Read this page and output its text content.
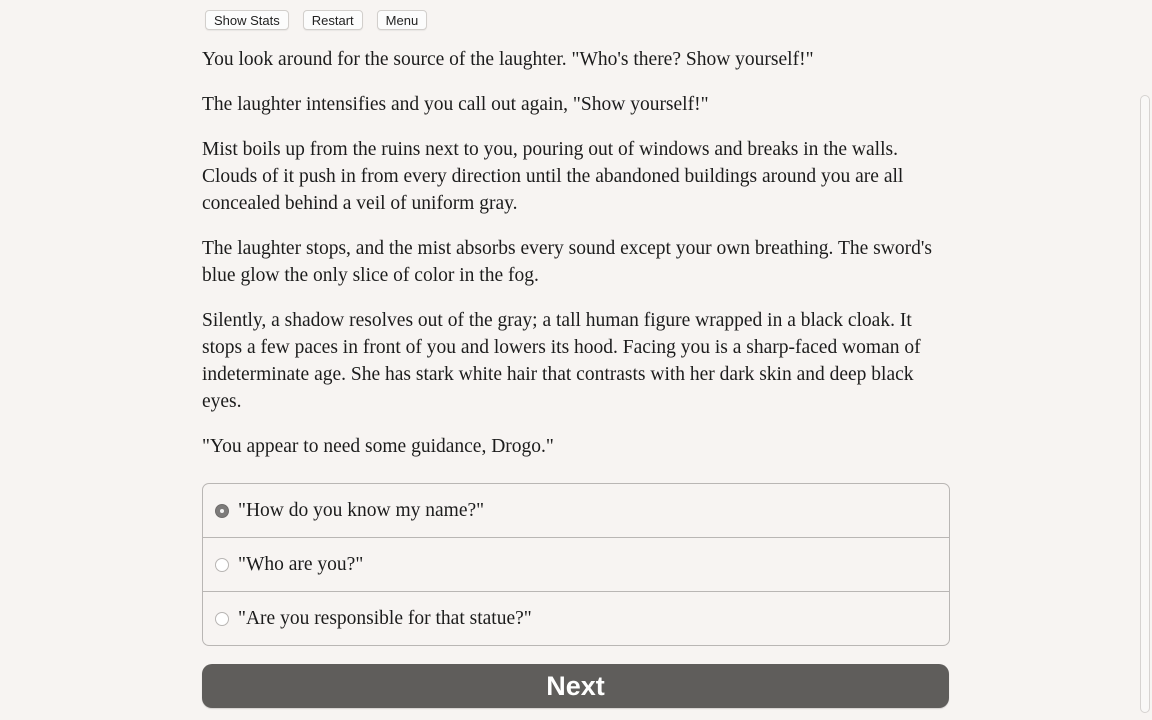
Show Stats	Restart	Menu

You look around for the source of the laughter. "Who's there? Show yourself!"

The laughter intensifies and you call out again, "Show yourself!"

Mist boils up from the ruins next to you, pouring out of windows and breaks in the walls. Clouds of it push in from every direction until the abandoned buildings around you are all concealed behind a veil of uniform gray.

The laughter stops, and the mist absorbs every sound except your own breathing. The sword's blue glow the only slice of color in the fog.

Silently, a shadow resolves out of the gray; a tall human figure wrapped in a black cloak. It stops a few paces in front of you and lowers its hood. Facing you is a sharp-faced woman of indeterminate age. She has stark white hair that contrasts with her dark skin and deep black eyes.

"You appear to need some guidance, Drogo."

"How do you know my name?"
"Who are you?"
"Are you responsible for that statue?"
Next
